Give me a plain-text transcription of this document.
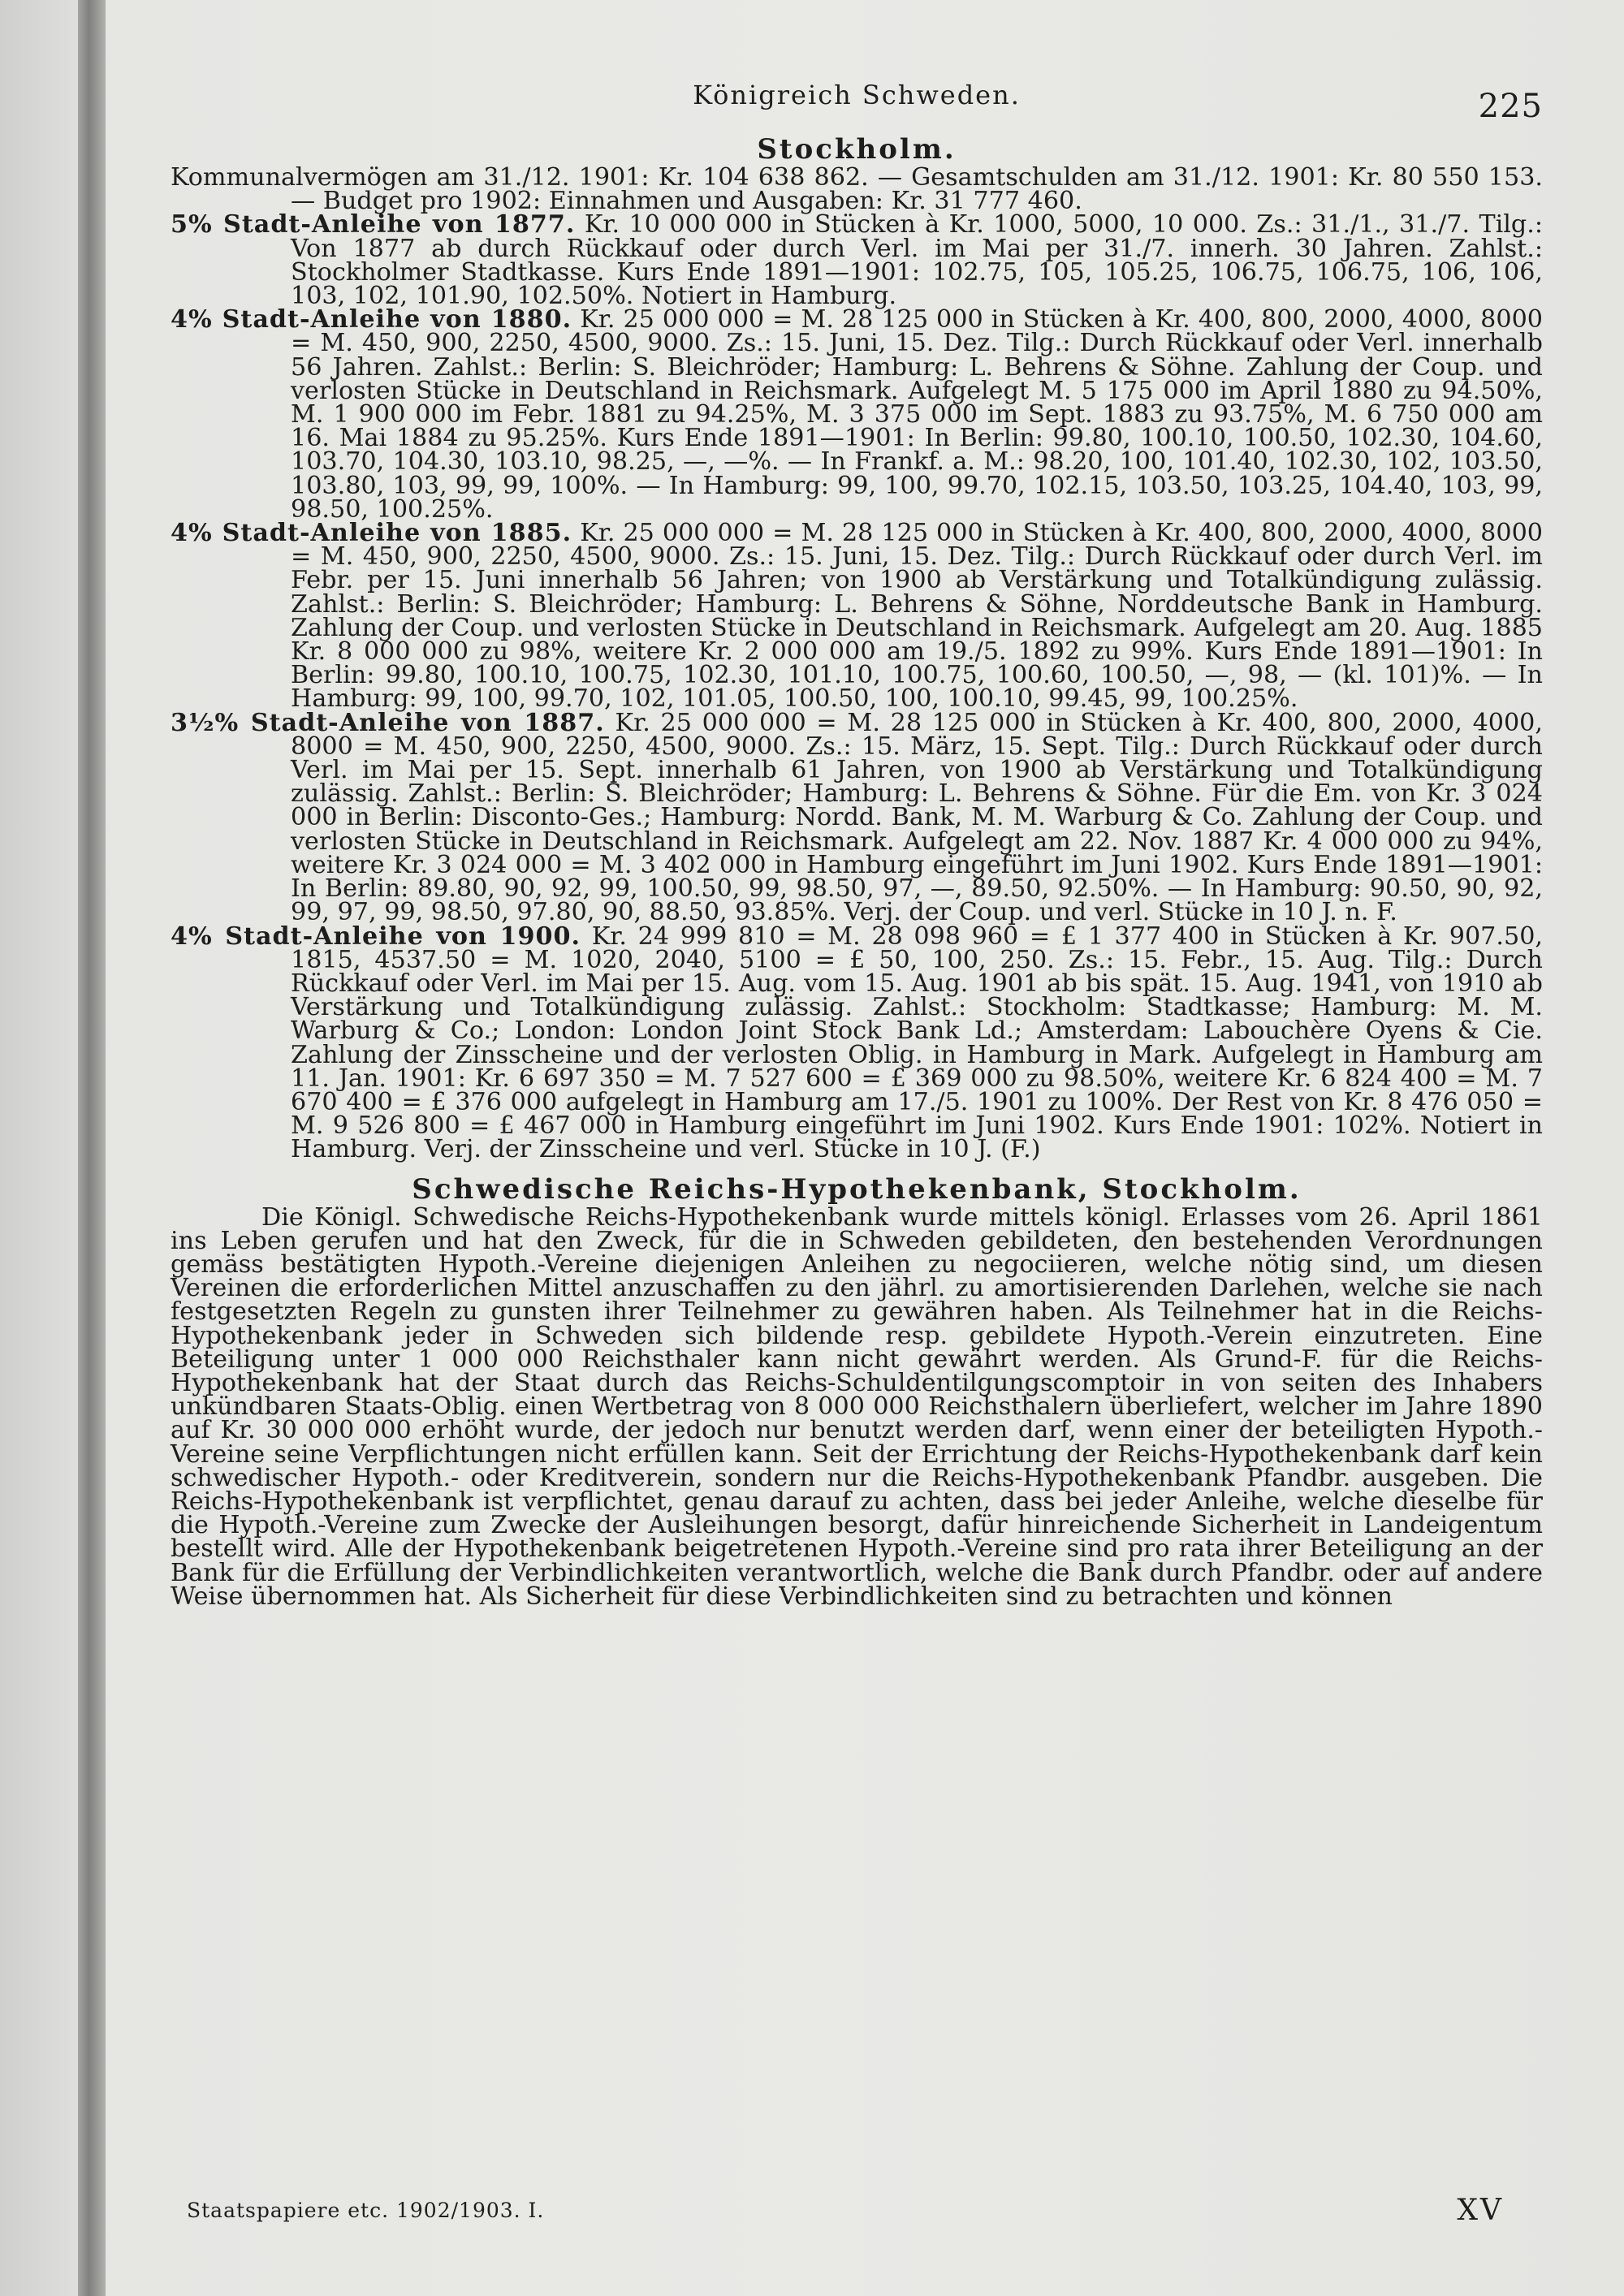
Königreich Schweden.	225
Stockholm.

Kommunalvermögen am 31./12. 1901: Kr. 104 638 862. — Gesamtschulden am 31./12. 1901: Kr. 80 550 153. — Budget pro 1902: Einnahmen und Ausgaben: Kr. 31 777 460.

5% Stadt-Anleihe von 1877. Kr. 10 000 000 in Stücken à Kr. 1000, 5000, 10 000. Zs.: 31./1., 31./7. Tilg.: Von 1877 ab durch Rückkauf oder durch Verl. im Mai per 31./7. innerh. 30 Jahren. Zahlst.: Stockholmer Stadtkasse. Kurs Ende 1891—1901: 102.75, 105, 105.25, 106.75, 106.75, 106, 106, 103, 102, 101.90, 102.50%. Notiert in Hamburg.

4% Stadt-Anleihe von 1880. Kr. 25 000 000 = M. 28 125 000 in Stücken à Kr. 400, 800, 2000, 4000, 8000 = M. 450, 900, 2250, 4500, 9000. Zs.: 15. Juni, 15. Dez. Tilg.: Durch Rückkauf oder Verl. innerhalb 56 Jahren. Zahlst.: Berlin: S. Bleichröder; Hamburg: L. Behrens & Söhne. Zahlung der Coup. und verlosten Stücke in Deutschland in Reichsmark. Aufgelegt M. 5 175 000 im April 1880 zu 94.50%, M. 1 900 000 im Febr. 1881 zu 94.25%, M. 3 375 000 im Sept. 1883 zu 93.75%, M. 6 750 000 am 16. Mai 1884 zu 95.25%. Kurs Ende 1891—1901: In Berlin: 99.80, 100.10, 100.50, 102.30, 104.60, 103.70, 104.30, 103.10, 98.25, —, —%. — In Frankf. a. M.: 98.20, 100, 101.40, 102.30, 102, 103.50, 103.80, 103, 99, 99, 100%. — In Hamburg: 99, 100, 99.70, 102.15, 103.50, 103.25, 104.40, 103, 99, 98.50, 100.25%.

4% Stadt-Anleihe von 1885. Kr. 25 000 000 = M. 28 125 000 in Stücken à Kr. 400, 800, 2000, 4000, 8000 = M. 450, 900, 2250, 4500, 9000. Zs.: 15. Juni, 15. Dez. Tilg.: Durch Rückkauf oder durch Verl. im Febr. per 15. Juni innerhalb 56 Jahren; von 1900 ab Verstärkung und Totalkündigung zulässig. Zahlst.: Berlin: S. Bleichröder; Hamburg: L. Behrens & Söhne, Norddeutsche Bank in Hamburg. Zahlung der Coup. und verlosten Stücke in Deutschland in Reichsmark. Aufgelegt am 20. Aug. 1885 Kr. 8 000 000 zu 98%, weitere Kr. 2 000 000 am 19./5. 1892 zu 99%. Kurs Ende 1891—1901: In Berlin: 99.80, 100.10, 100.75, 102.30, 101.10, 100.75, 100.60, 100.50, —, 98, — (kl. 101)%. — In Hamburg: 99, 100, 99.70, 102, 101.05, 100.50, 100, 100.10, 99.45, 99, 100.25%.

3½% Stadt-Anleihe von 1887. Kr. 25 000 000 = M. 28 125 000 in Stücken à Kr. 400, 800, 2000, 4000, 8000 = M. 450, 900, 2250, 4500, 9000. Zs.: 15. März, 15. Sept. Tilg.: Durch Rückkauf oder durch Verl. im Mai per 15. Sept. innerhalb 61 Jahren, von 1900 ab Verstärkung und Totalkündigung zulässig. Zahlst.: Berlin: S. Bleichröder; Hamburg: L. Behrens & Söhne. Für die Em. von Kr. 3 024 000 in Berlin: Disconto-Ges.; Hamburg: Nordd. Bank, M. M. Warburg & Co. Zahlung der Coup. und verlosten Stücke in Deutschland in Reichsmark. Aufgelegt am 22. Nov. 1887 Kr. 4 000 000 zu 94%, weitere Kr. 3 024 000 = M. 3 402 000 in Hamburg eingeführt im Juni 1902. Kurs Ende 1891—1901: In Berlin: 89.80, 90, 92, 99, 100.50, 99, 98.50, 97, —, 89.50, 92.50%. — In Hamburg: 90.50, 90, 92, 99, 97, 99, 98.50, 97.80, 90, 88.50, 93.85%. Verj. der Coup. und verl. Stücke in 10 J. n. F.

4% Stadt-Anleihe von 1900. Kr. 24 999 810 = M. 28 098 960 = £ 1 377 400 in Stücken à Kr. 907.50, 1815, 4537.50 = M. 1020, 2040, 5100 = £ 50, 100, 250. Zs.: 15. Febr., 15. Aug. Tilg.: Durch Rückkauf oder Verl. im Mai per 15. Aug. vom 15. Aug. 1901 ab bis spät. 15. Aug. 1941, von 1910 ab Verstärkung und Totalkündigung zulässig. Zahlst.: Stockholm: Stadtkasse; Hamburg: M. M. Warburg & Co.; London: London Joint Stock Bank Ld.; Amsterdam: Labouchère Oyens & Cie. Zahlung der Zinsscheine und der verlosten Oblig. in Hamburg in Mark. Aufgelegt in Hamburg am 11. Jan. 1901: Kr. 6 697 350 = M. 7 527 600 = £ 369 000 zu 98.50%, weitere Kr. 6 824 400 = M. 7 670 400 = £ 376 000 aufgelegt in Hamburg am 17./5. 1901 zu 100%. Der Rest von Kr. 8 476 050 = M. 9 526 800 = £ 467 000 in Hamburg eingeführt im Juni 1902. Kurs Ende 1901: 102%. Notiert in Hamburg. Verj. der Zinsscheine und verl. Stücke in 10 J. (F.)

Schwedische Reichs-Hypothekenbank, Stockholm.

Die Königl. Schwedische Reichs-Hypothekenbank wurde mittels königl. Erlasses vom 26. April 1861 ins Leben gerufen und hat den Zweck, für die in Schweden gebildeten, den bestehenden Verordnungen gemäss bestätigten Hypoth.-Vereine diejenigen Anleihen zu negociieren, welche nötig sind, um diesen Vereinen die erforderlichen Mittel anzuschaffen zu den jährl. zu amortisierenden Darlehen, welche sie nach festgesetzten Regeln zu gunsten ihrer Teilnehmer zu gewähren haben. Als Teilnehmer hat in die Reichs-Hypothekenbank jeder in Schweden sich bildende resp. gebildete Hypoth.-Verein einzutreten. Eine Beteiligung unter 1 000 000 Reichsthaler kann nicht gewährt werden. Als Grund-F. für die Reichs-Hypothekenbank hat der Staat durch das Reichs-Schuldentilgungscomptoir in von seiten des Inhabers unkündbaren Staats-Oblig. einen Wertbetrag von 8 000 000 Reichsthalern überliefert, welcher im Jahre 1890 auf Kr. 30 000 000 erhöht wurde, der jedoch nur benutzt werden darf, wenn einer der beteiligten Hypoth.-Vereine seine Verpflichtungen nicht erfüllen kann. Seit der Errichtung der Reichs-Hypothekenbank darf kein schwedischer Hypoth.- oder Kreditverein, sondern nur die Reichs-Hypothekenbank Pfandbr. ausgeben. Die Reichs-Hypothekenbank ist verpflichtet, genau darauf zu achten, dass bei jeder Anleihe, welche dieselbe für die Hypoth.-Vereine zum Zwecke der Ausleihungen besorgt, dafür hinreichende Sicherheit in Landeigentum bestellt wird. Alle der Hypothekenbank beigetretenen Hypoth.-Vereine sind pro rata ihrer Beteiligung an der Bank für die Erfüllung der Verbindlichkeiten verantwortlich, welche die Bank durch Pfandbr. oder auf andere Weise übernommen hat. Als Sicherheit für diese Verbindlichkeiten sind zu betrachten und können

Staatspapiere etc. 1902/1903. I.	XV
